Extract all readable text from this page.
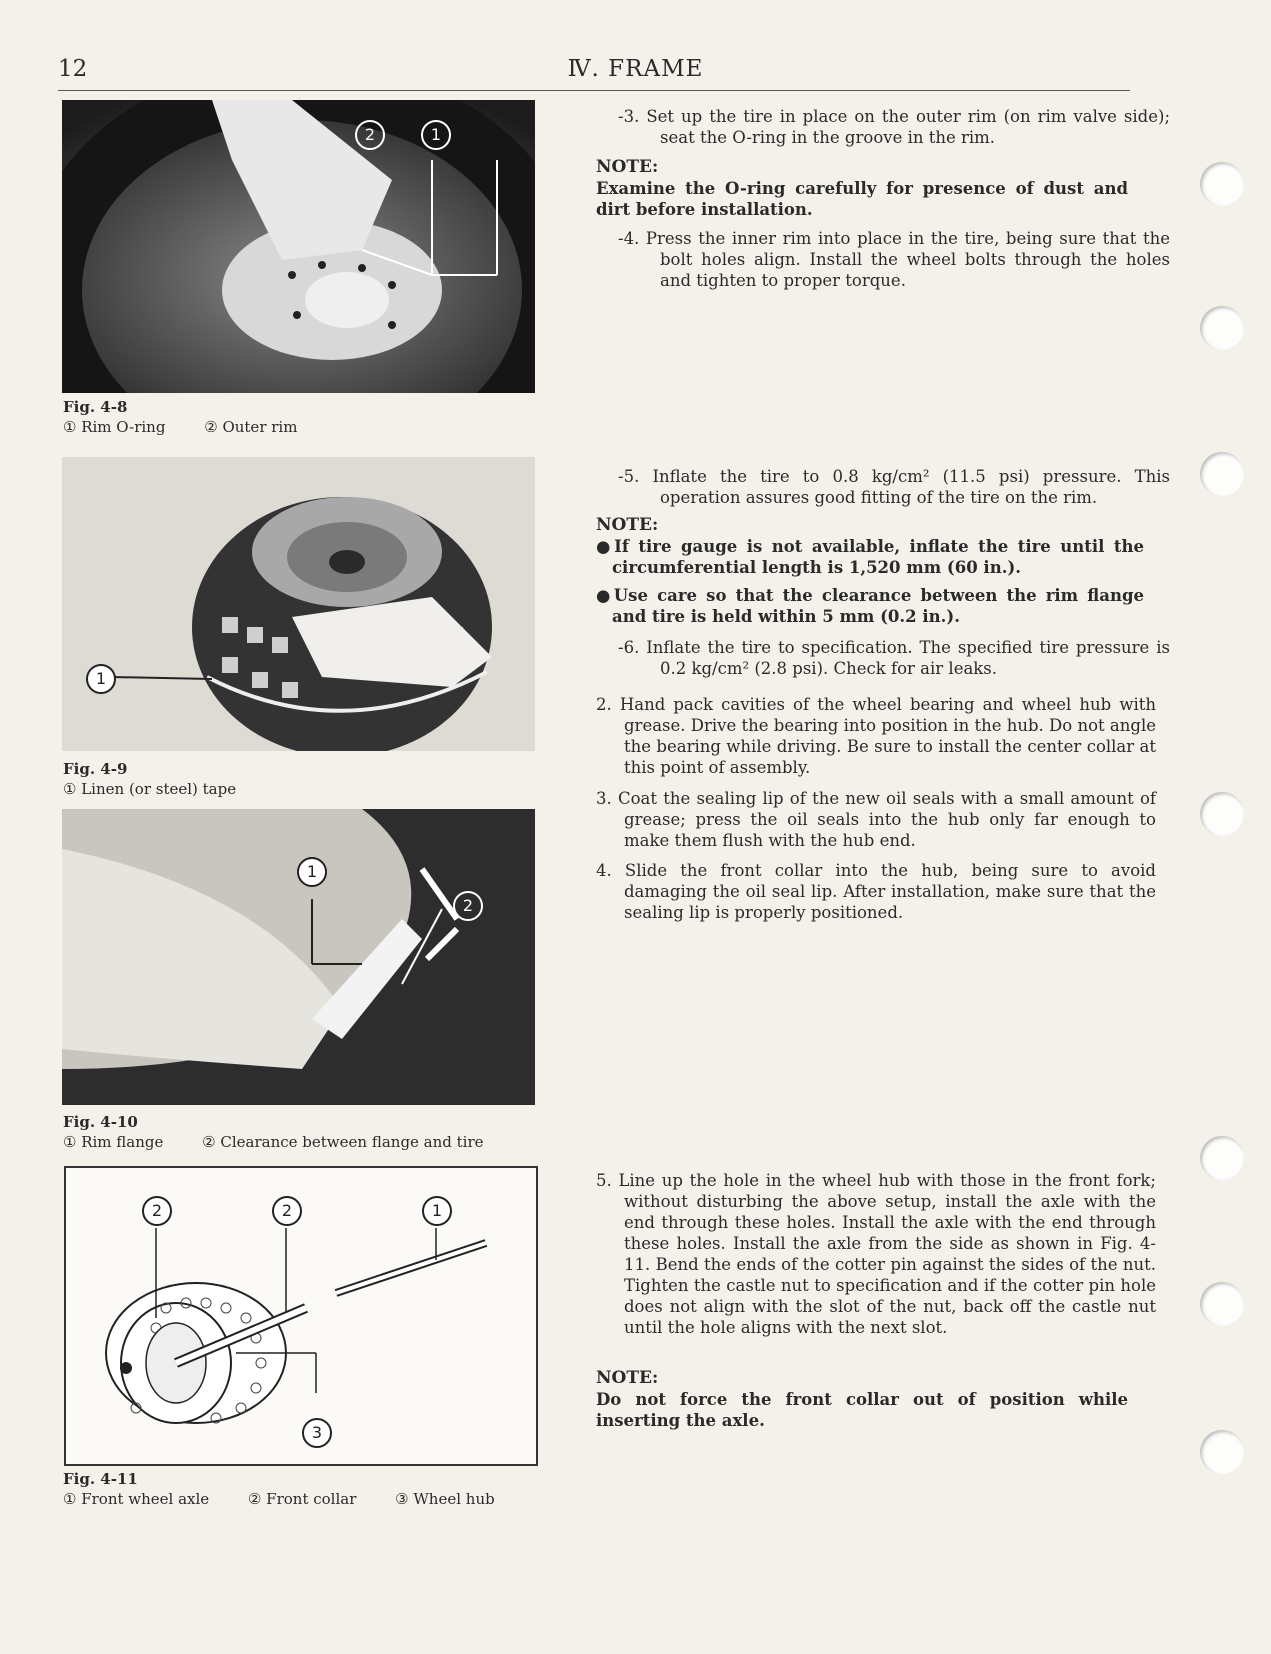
12	Ⅳ. FRAME
2	1
Fig. 4-8
① Rim O-ring	② Outer rim
1
Fig. 4-9
① Linen (or steel) tape
1
2
Fig. 4-10
① Rim flange	② Clearance between flange and tire
2	2	1
3
Fig. 4-11
① Front wheel axle	② Front collar	③ Wheel hub
-3. Set up the tire in place on the outer rim (on rim valve side); seat the O-ring in the groove in the rim.
NOTE:
Examine the O-ring carefully for presence of dust and dirt before installation.
-4. Press the inner rim into place in the tire, being sure that the bolt holes align. Install the wheel bolts through the holes and tighten to proper torque.
-5. Inflate the tire to 0.8 kg/cm² (11.5 psi) pressure. This operation assures good fitting of the tire on the rim.
NOTE:
●If tire gauge is not available, inflate the tire until the circumferential length is 1,520 mm (60 in.).
●Use care so that the clearance between the rim flange and tire is held within 5 mm (0.2 in.).
-6. Inflate the tire to specification. The specified tire pressure is 0.2 kg/cm² (2.8 psi). Check for air leaks.
2. Hand pack cavities of the wheel bearing and wheel hub with grease. Drive the bearing into position in the hub. Do not angle the bearing while driving. Be sure to install the center collar at this point of assembly.
3. Coat the sealing lip of the new oil seals with a small amount of grease; press the oil seals into the hub only far enough to make them flush with the hub end.
4. Slide the front collar into the hub, being sure to avoid damaging the oil seal lip. After installation, make sure that the sealing lip is properly positioned.
5. Line up the hole in the wheel hub with those in the front fork; without disturbing the above setup, install the axle with the end through these holes. Install the axle with the end through these holes. Install the axle from the side as shown in Fig. 4-11. Bend the ends of the cotter pin against the sides of the nut. Tighten the castle nut to specification and if the cotter pin hole does not align with the slot of the nut, back off the castle nut until the hole aligns with the next slot.
NOTE:
Do not force the front collar out of position while inserting the axle.
